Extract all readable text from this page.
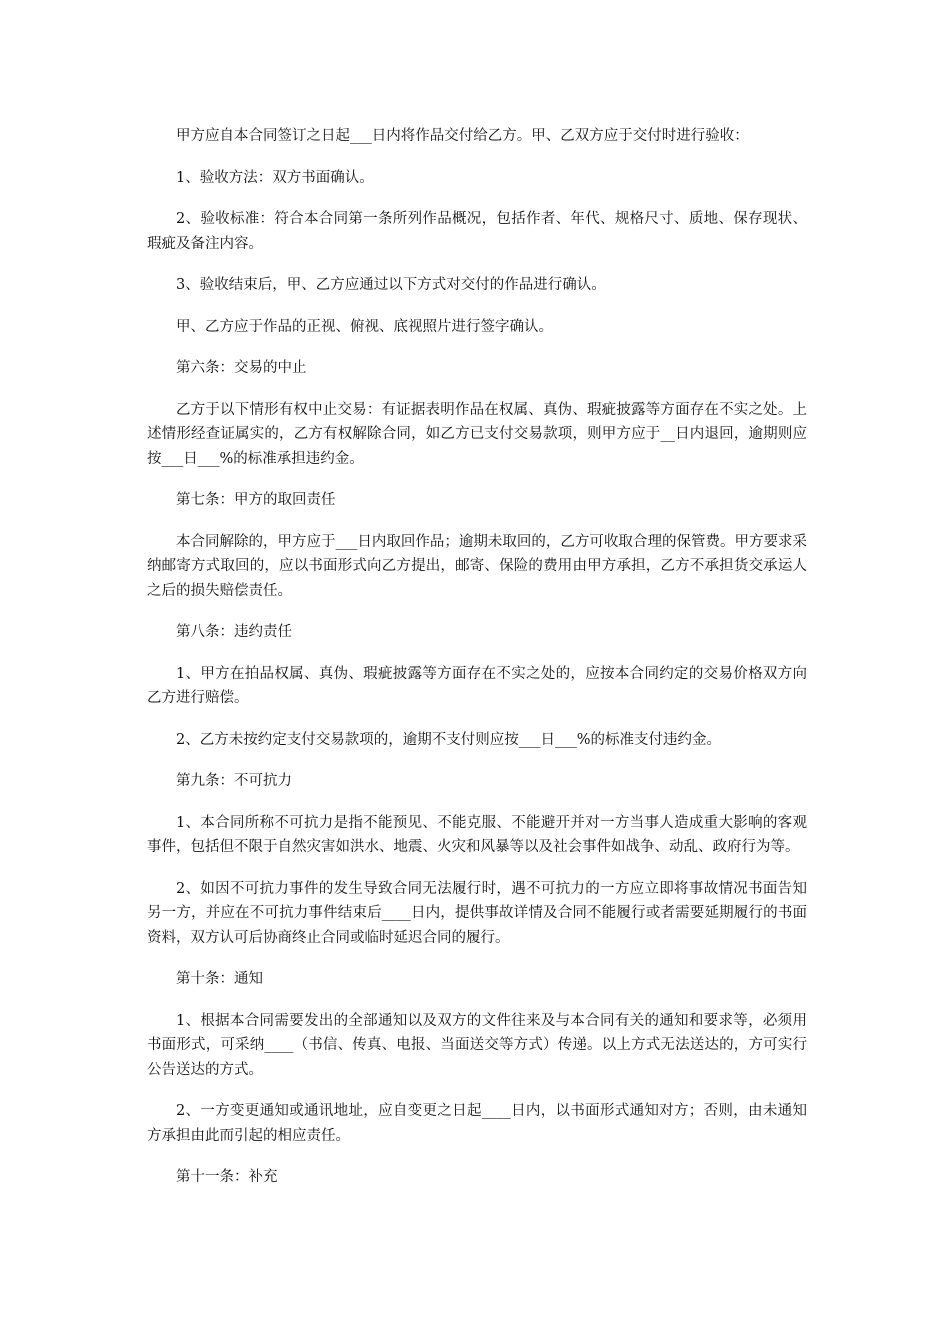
甲方应自本合同签订之日起___日内将作品交付给乙方。甲、乙双方应于交付时进行验收：

1、验收方法：双方书面确认。

2、验收标准：符合本合同第一条所列作品概况，包括作者、年代、规格尺寸、质地、保存现状、瑕疵及备注内容。

3、验收结束后，甲、乙方应通过以下方式对交付的作品进行确认。

甲、乙方应于作品的正视、俯视、底视照片进行签字确认。

第六条：交易的中止

乙方于以下情形有权中止交易：有证据表明作品在权属、真伪、瑕疵披露等方面存在不实之处。上述情形经查证属实的，乙方有权解除合同，如乙方已支付交易款项，则甲方应于__日内退回，逾期则应按___日___%的标准承担违约金。

第七条：甲方的取回责任

本合同解除的，甲方应于___日内取回作品；逾期未取回的，乙方可收取合理的保管费。甲方要求采纳邮寄方式取回的，应以书面形式向乙方提出，邮寄、保险的费用由甲方承担，乙方不承担货交承运人之后的损失赔偿责任。

第八条：违约责任

1、甲方在拍品权属、真伪、瑕疵披露等方面存在不实之处的，应按本合同约定的交易价格双方向乙方进行赔偿。

2、乙方未按约定支付交易款项的，逾期不支付则应按___日___%的标准支付违约金。

第九条：不可抗力

1、本合同所称不可抗力是指不能预见、不能克服、不能避开并对一方当事人造成重大影响的客观事件，包括但不限于自然灾害如洪水、地震、火灾和风暴等以及社会事件如战争、动乱、政府行为等。

2、如因不可抗力事件的发生导致合同无法履行时，遇不可抗力的一方应立即将事故情况书面告知另一方，并应在不可抗力事件结束后____日内，提供事故详情及合同不能履行或者需要延期履行的书面资料，双方认可后协商终止合同或临时延迟合同的履行。

第十条：通知

1、根据本合同需要发出的全部通知以及双方的文件往来及与本合同有关的通知和要求等，必须用书面形式，可采纳____（书信、传真、电报、当面送交等方式）传递。以上方式无法送达的，方可实行公告送达的方式。

2、一方变更通知或通讯地址，应自变更之日起____日内，以书面形式通知对方；否则，由未通知方承担由此而引起的相应责任。

第十一条：补充
